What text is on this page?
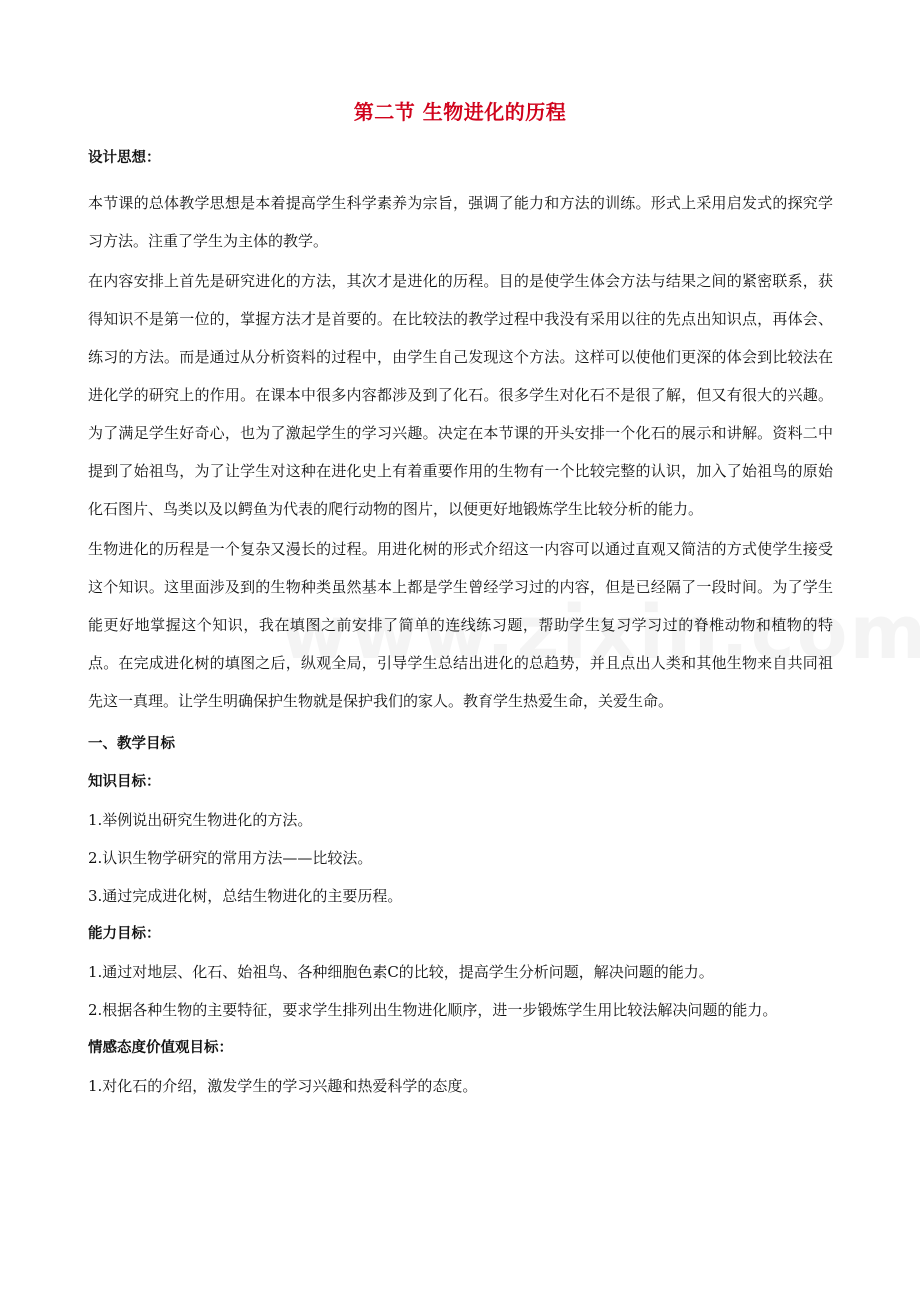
第二节 生物进化的历程
设计思想：

本节课的总体教学思想是本着提高学生科学素养为宗旨，强调了能力和方法的训练。形式上采用启发式的探究学习方法。注重了学生为主体的教学。

在内容安排上首先是研究进化的方法，其次才是进化的历程。目的是使学生体会方法与结果之间的紧密联系，获得知识不是第一位的，掌握方法才是首要的。在比较法的教学过程中我没有采用以往的先点出知识点，再体会、练习的方法。而是通过从分析资料的过程中，由学生自己发现这个方法。这样可以使他们更深的体会到比较法在进化学的研究上的作用。在课本中很多内容都涉及到了化石。很多学生对化石不是很了解，但又有很大的兴趣。为了满足学生好奇心，也为了激起学生的学习兴趣。决定在本节课的开头安排一个化石的展示和讲解。资料二中提到了始祖鸟，为了让学生对这种在进化史上有着重要作用的生物有一个比较完整的认识，加入了始祖鸟的原始化石图片、鸟类以及以鳄鱼为代表的爬行动物的图片，以便更好地锻炼学生比较分析的能力。

生物进化的历程是一个复杂又漫长的过程。用进化树的形式介绍这一内容可以通过直观又简洁的方式使学生接受这个知识。这里面涉及到的生物种类虽然基本上都是学生曾经学习过的内容，但是已经隔了一段时间。为了学生能更好地掌握这个知识，我在填图之前安排了简单的连线练习题，帮助学生复习学习过的脊椎动物和植物的特点。在完成进化树的填图之后，纵观全局，引导学生总结出进化的总趋势，并且点出人类和其他生物来自共同祖先这一真理。让学生明确保护生物就是保护我们的家人。教育学生热爱生命，关爱生命。

一、教学目标
知识目标：
1.举例说出研究生物进化的方法。
2.认识生物学研究的常用方法——比较法。
3.通过完成进化树，总结生物进化的主要历程。
能力目标：
1.通过对地层、化石、始祖鸟、各种细胞色素C的比较，提高学生分析问题，解决问题的能力。
2.根据各种生物的主要特征，要求学生排列出生物进化顺序，进一步锻炼学生用比较法解决问题的能力。
情感态度价值观目标：
1.对化石的介绍，激发学生的学习兴趣和热爱科学的态度。
